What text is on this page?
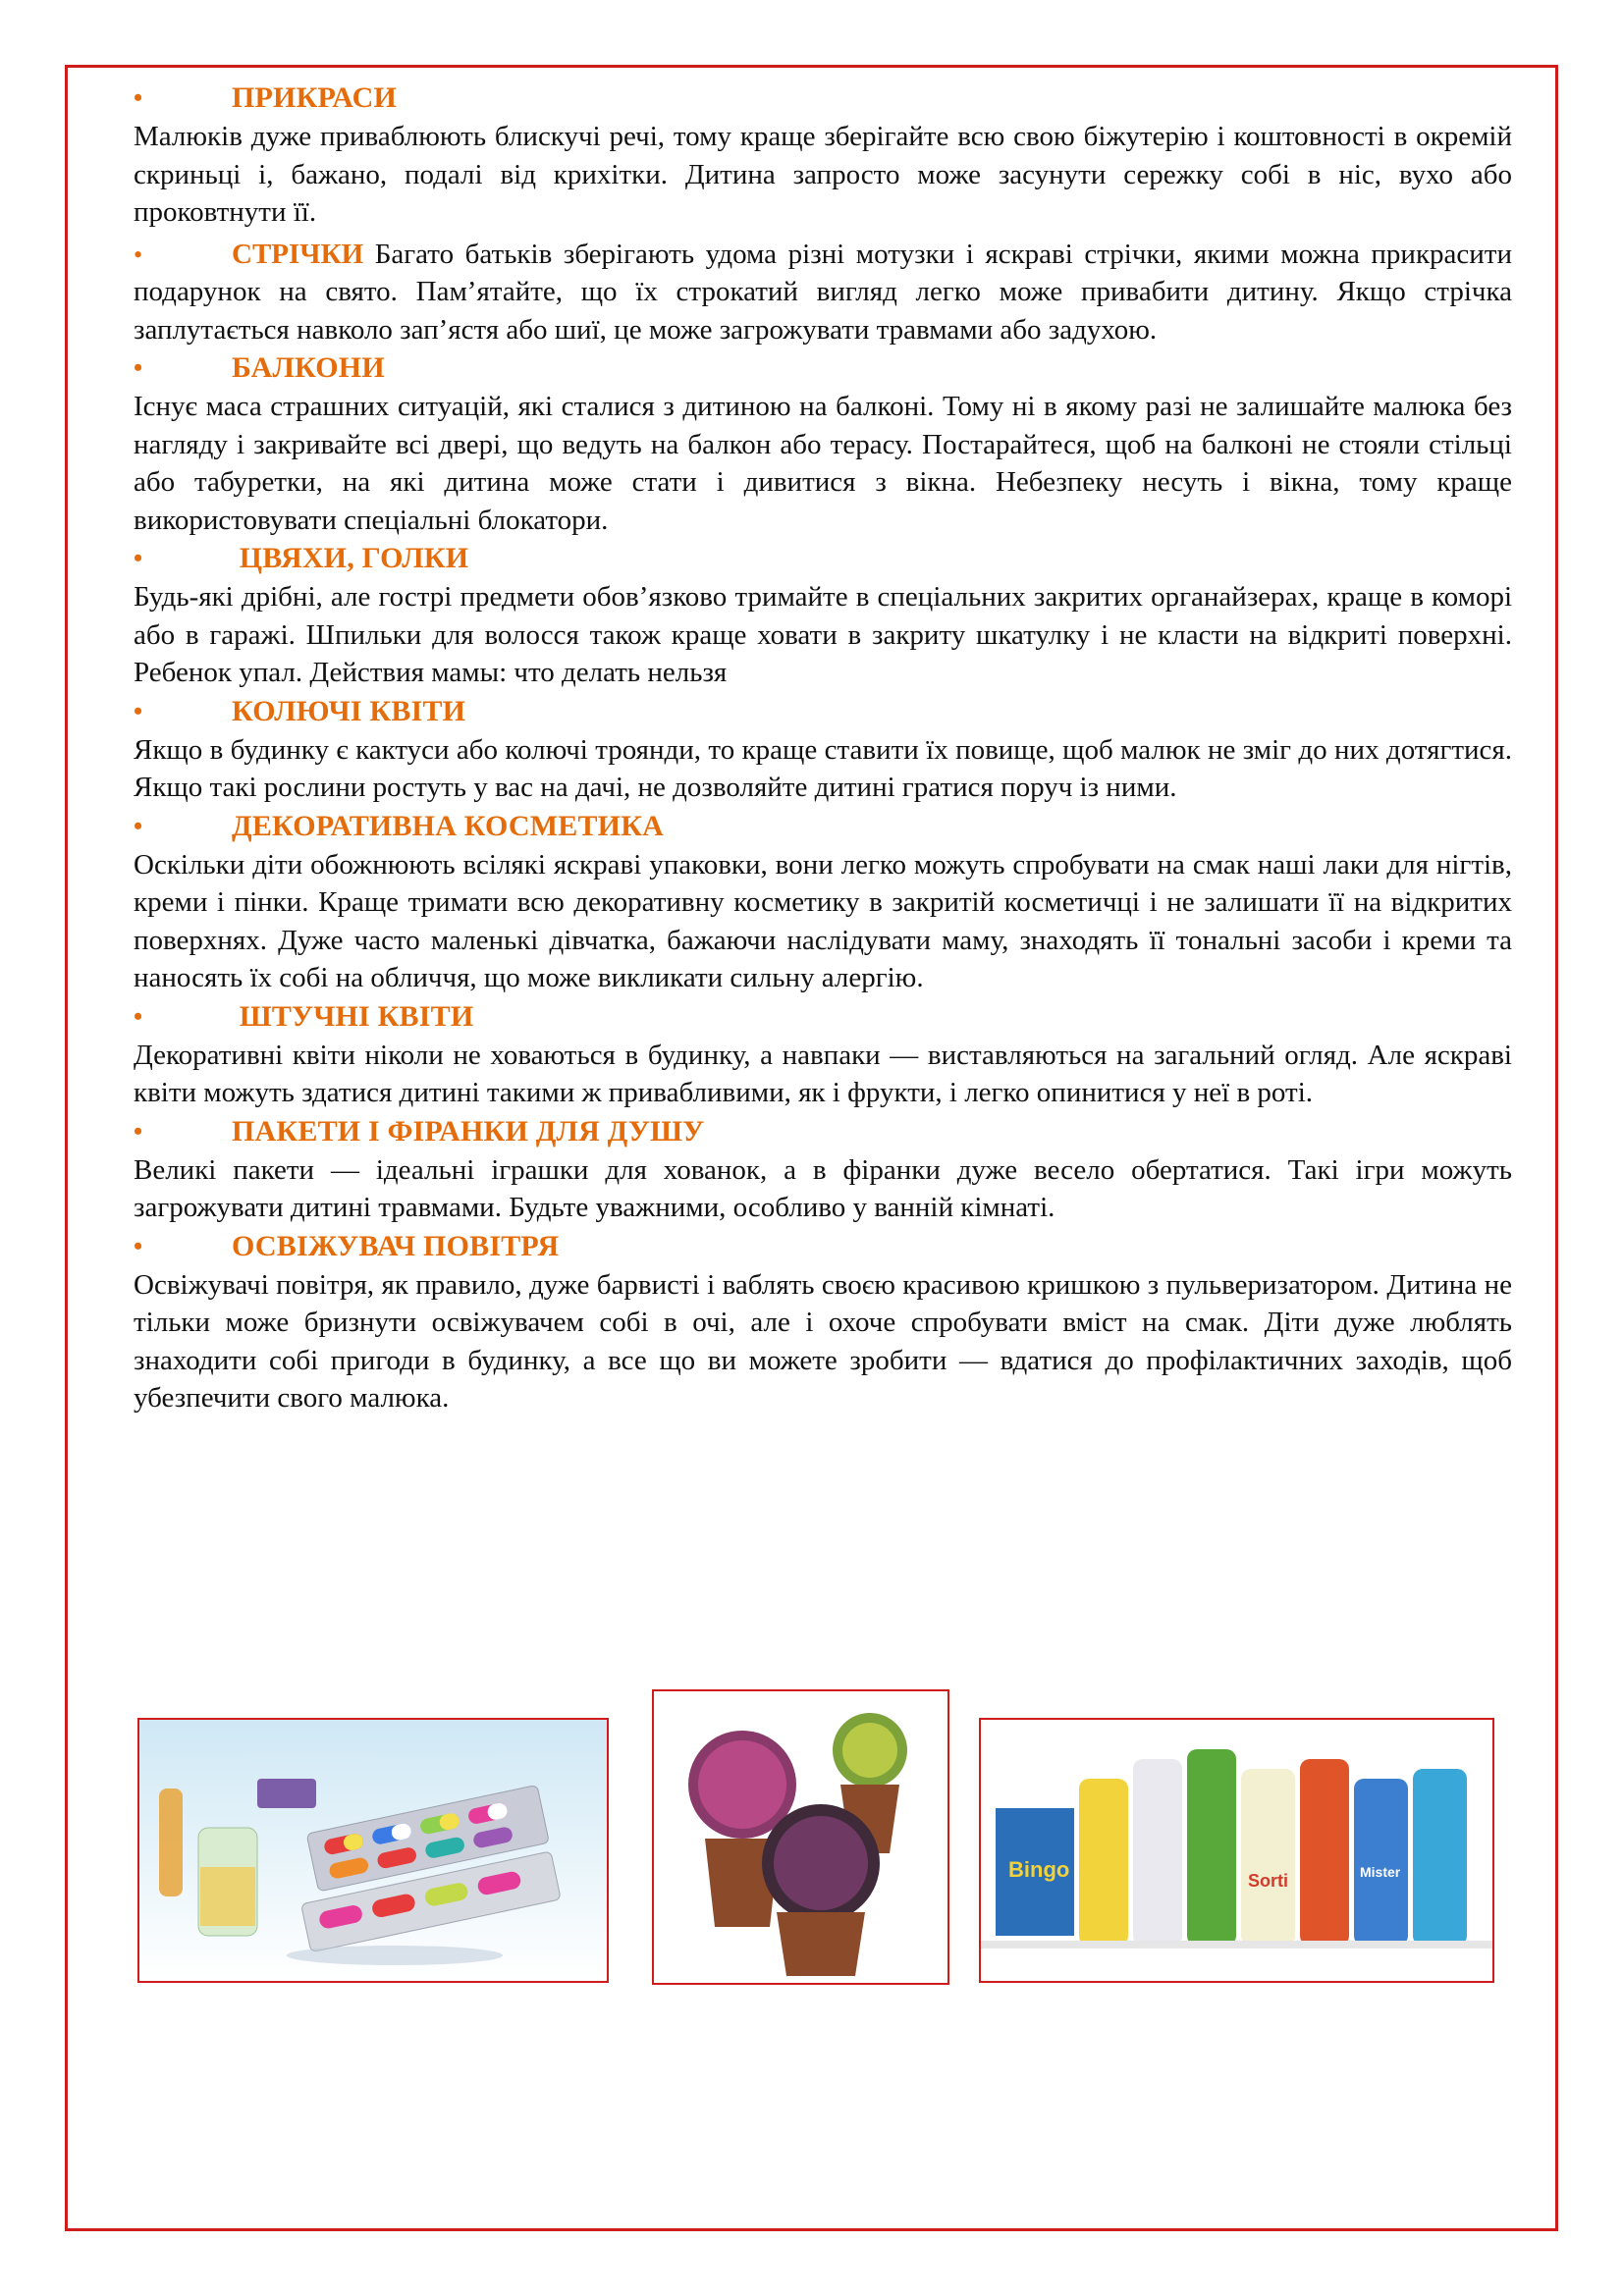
•	ПРИКРАСИ

Малюків дуже приваблюють блискучі речі, тому краще зберігайте всю свою біжутерію і коштовності в окремій скриньці і, бажано, подалі від крихітки. Дитина запросто може засунути сережку собі в ніс, вухо або проковтнути її.

•	СТРІЧКИ Багато батьків зберігають удома різні мотузки і яскраві стрічки, якими можна прикрасити подарунок на свято. Пам’ятайте, що їх строкатий вигляд легко може привабити дитину. Якщо стрічка заплутається навколо зап’ястя або шиї, це може загрожувати травмами або задухою.

•	БАЛКОНИ

Існує маса страшних ситуацій, які сталися з дитиною на балконі. Тому ні в якому разі не залишайте малюка без нагляду і закривайте всі двері, що ведуть на балкон або терасу. Постарайтеся, щоб на балконі не стояли стільці або табуретки, на які дитина може стати і дивитися з вікна. Небезпеку несуть і вікна, тому краще використовувати спеціальні блокатори.

•	ЦВЯХИ, ГОЛКИ

Будь-які дрібні, але гострі предмети обов’язково тримайте в спеціальних закритих органайзерах, краще в коморі або в гаражі. Шпильки для волосся також краще ховати в закриту шкатулку і не класти на відкриті поверхні. Ребенок упал. Действия мамы: что делать нельзя

•	КОЛЮЧІ КВІТИ

Якщо в будинку є кактуси або колючі троянди, то краще ставити їх повище, щоб малюк не зміг до них дотягтися. Якщо такі рослини ростуть у вас на дачі, не дозволяйте дитині гратися поруч із ними.

•	ДЕКОРАТИВНА КОСМЕТИКА

Оскільки діти обожнюють всілякі яскраві упаковки, вони легко можуть спробувати на смак наші лаки для нігтів, креми і пінки. Краще тримати всю декоративну косметику в закритій косметичці і не залишати її на відкритих поверхнях. Дуже часто маленькі дівчатка, бажаючи наслідувати маму, знаходять її тональні засоби і креми та наносять їх собі на обличчя, що може викликати сильну алергію.

•	ШТУЧНІ КВІТИ

Декоративні квіти ніколи не ховаються в будинку, а навпаки — виставляються на загальний огляд. Але яскраві квіти можуть здатися дитині такими ж привабливими, як і фрукти, і легко опинитися у неї в роті.

•	ПАКЕТИ І ФІРАНКИ ДЛЯ ДУШУ

Великі пакети — ідеальні іграшки для хованок, а в фіранки дуже весело обертатися. Такі ігри можуть загрожувати дитині травмами. Будьте уважними, особливо у ванній кімнаті.

•	ОСВІЖУВАЧ ПОВІТРЯ

Освіжувачі повітря, як правило, дуже барвисті і ваблять своєю красивою кришкою з пульверизатором. Дитина не тільки може бризнути освіжувачем собі в очі, але і охоче спробувати вміст на смак. Діти дуже люблять знаходити собі пригоди в будинку, а все що ви можете зробити — вдатися до профілактичних заходів, щоб убезпечити свого малюка.

Bingo	Sorti	Mister
